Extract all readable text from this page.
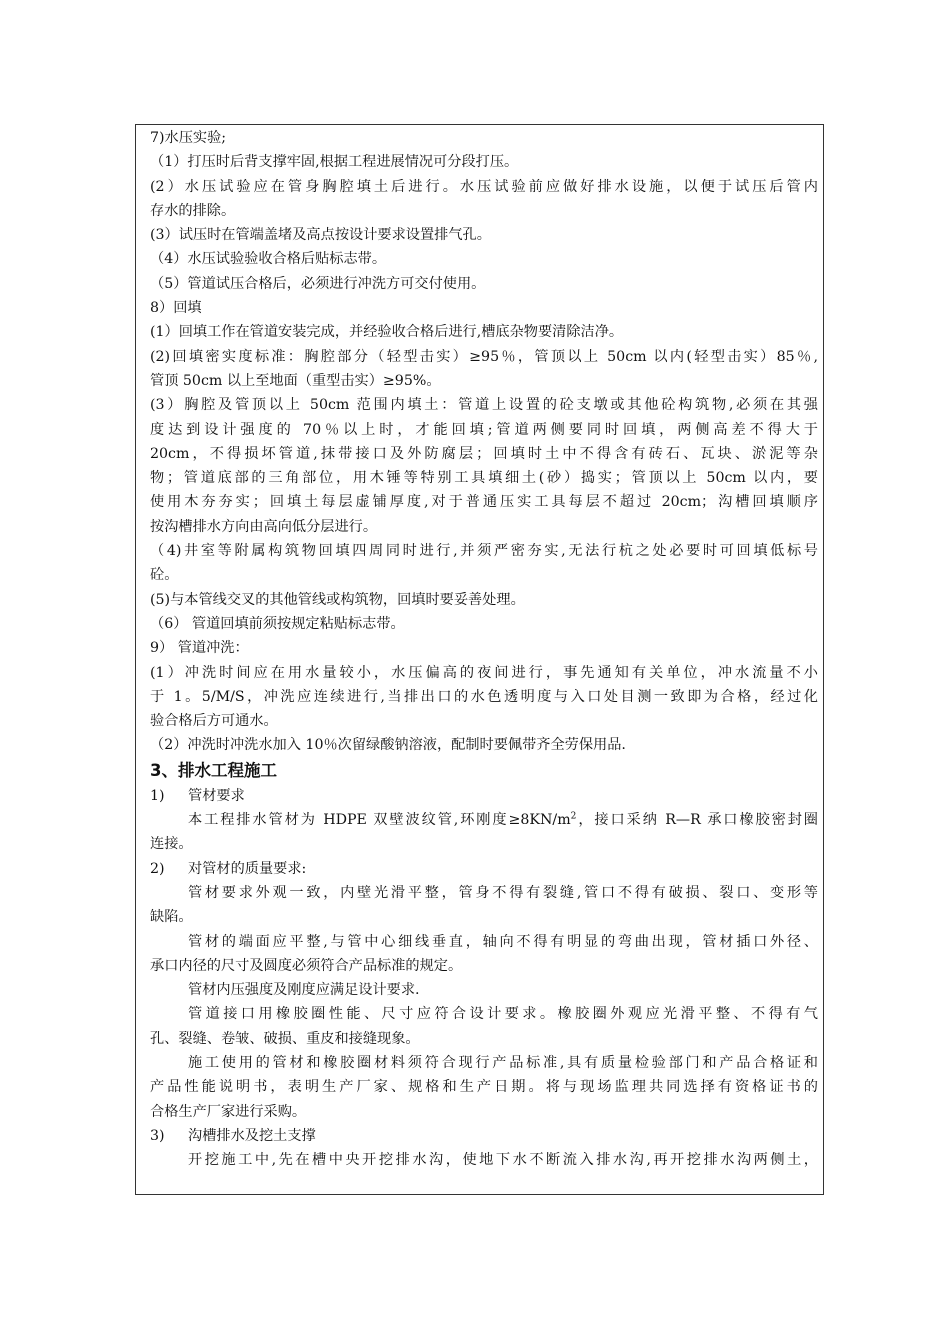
7)水压实验;
（1）打压时后背支撑牢固,根据工程进展情况可分段打压。
(2）水压试验应在管身胸腔填土后进行。水压试验前应做好排水设施，以便于试压后管内
存水的排除。
(3）试压时在管端盖堵及高点按设计要求设置排气孔。
（4）水压试验验收合格后贴标志带。
（5）管道试压合格后，必须进行冲洗方可交付使用。
8）回填
(1）回填工作在管道安装完成，并经验收合格后进行,槽底杂物要清除洁净。
(2)回填密实度标准：胸腔部分（轻型击实）≥95％，管顶以上 50cm 以内(轻型击实）85％,
管顶 50cm 以上至地面（重型击实）≥95%。
(3）胸腔及管顶以上 50cm 范围内填土：管道上设置的砼支墩或其他砼构筑物,必须在其强
度达到设计强度的 70％以上时，才能回填;管道两侧要同时回填，两侧高差不得大于
20cm，不得损坏管道,抹带接口及外防腐层；回填时土中不得含有砖石、瓦块、淤泥等杂
物；管道底部的三角部位，用木锤等特别工具填细土(砂）捣实；管顶以上 50cm 以内，要
使用木夯夯实；回填土每层虚铺厚度,对于普通压实工具每层不超过 20cm；沟槽回填顺序
按沟槽排水方向由高向低分层进行。
（4)井室等附属构筑物回填四周同时进行,并须严密夯实,无法行杭之处必要时可回填低标号
砼。
(5)与本管线交叉的其他管线或构筑物，回填时要妥善处理。
（6） 管道回填前须按规定粘贴标志带。
9） 管道冲洗：
(1）冲洗时间应在用水量较小，水压偏高的夜间进行，事先通知有关单位，冲水流量不小
于 1。5/M/S，冲洗应连续进行,当排出口的水色透明度与入口处目测一致即为合格，经过化
验合格后方可通水。
（2）冲洗时冲洗水加入 10％次留绿酸钠溶液，配制时要佩带齐全劳保用品.
3、排水工程施工
1) 管材要求
本工程排水管材为 HDPE 双壁波纹管,环刚度$\ge 8KN/m^2$，接口采纳 R—R 承口橡胶密封圈
连接。
2) 对管材的质量要求:
管材要求外观一致，内壁光滑平整，管身不得有裂缝,管口不得有破损、裂口、变形等
缺陷。
管材的端面应平整,与管中心细线垂直，轴向不得有明显的弯曲出现，管材插口外径、
承口内径的尺寸及圆度必须符合产品标准的规定。
管材内压强度及刚度应满足设计要求.
管道接口用橡胶圈性能、尺寸应符合设计要求。橡胶圈外观应光滑平整、不得有气
孔、裂缝、卷皱、破损、重皮和接缝现象。
施工使用的管材和橡胶圈材料须符合现行产品标准,具有质量检验部门和产品合格证和
产品性能说明书，表明生产厂家、规格和生产日期。将与现场监理共同选择有资格证书的
合格生产厂家进行采购。
3) 沟槽排水及挖土支撑
开挖施工中,先在槽中央开挖排水沟，使地下水不断流入排水沟,再开挖排水沟两侧土，
